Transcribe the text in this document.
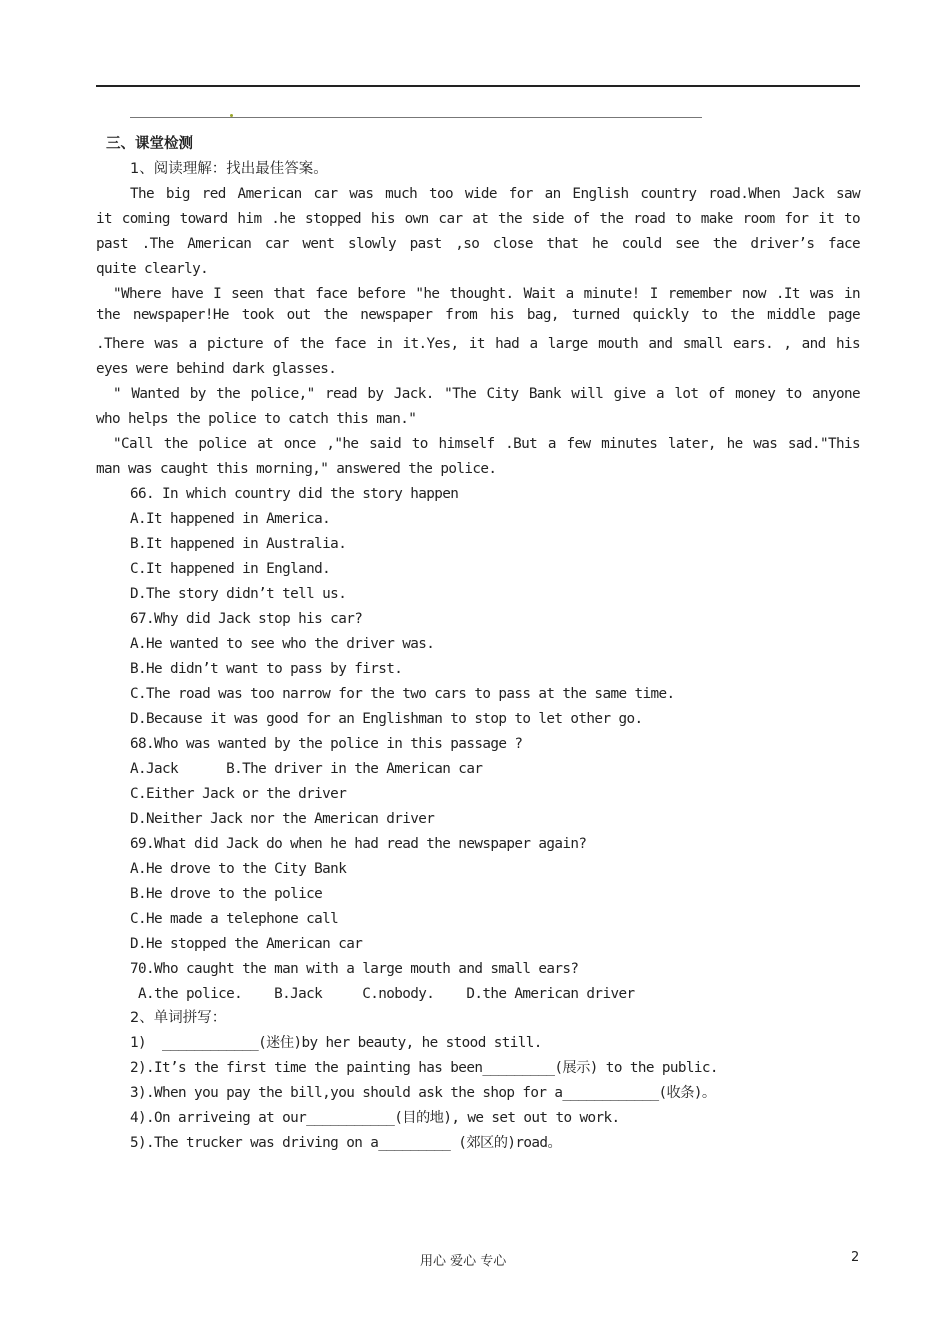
三、课堂检测
1、阅读理解：找出最佳答案。
The big red American car was much too wide for an English country road.When Jack saw
it coming toward him .he stopped his own car at the side of the road to make room for it to
past .The American car went slowly past ,so close that he could see the driver’s face
quite clearly.
"Where have I seen that face before "he thought. Wait a minute! I remember now .It was in
the newspaper!He took out the newspaper from his bag, turned quickly to the middle page
.There was a picture of the face in it.Yes, it had a large mouth and small ears. , and his
eyes were behind dark glasses.
" Wanted by the police," read by Jack. "The City Bank will give a lot of money to anyone
who helps the police to catch this man."
"Call the police at once ,"he said to himself .But a few minutes later, he was sad."This
man was caught this morning," answered the police.
66. In which country did the story happen
A.It happened in America.
B.It happened in Australia.
C.It happened in England.
D.The story didn’t tell us.
67.Why did Jack stop his car?
A.He wanted to see who the driver was.
B.He didn’t want to pass by first.
C.The road was too narrow for the two cars to pass at the same time.
D.Because it was good for an Englishman to stop to let other go.
68.Who was wanted by the police in this passage ?
A.Jack      B.The driver in the American car
C.Either Jack or the driver
D.Neither Jack nor the American driver
69.What did Jack do when he had read the newspaper again?
A.He drove to the City Bank
B.He drove to the police
C.He made a telephone call
D.He stopped the American car
70.Who caught the man with a large mouth and small ears?
A.the police.    B.Jack     C.nobody.    D.the American driver
2、单词拼写：
1)  ____________(迷住)by her beauty, he stood still.
2).It’s the first time the painting has been_________(展示) to the public.
3).When you pay the bill,you should ask the shop for a____________(收条)。
4).On arriveing at our___________(目的地), we set out to work.
5).The trucker was driving on a_________ (郊区的)road。
用心 爱心 专心	2
